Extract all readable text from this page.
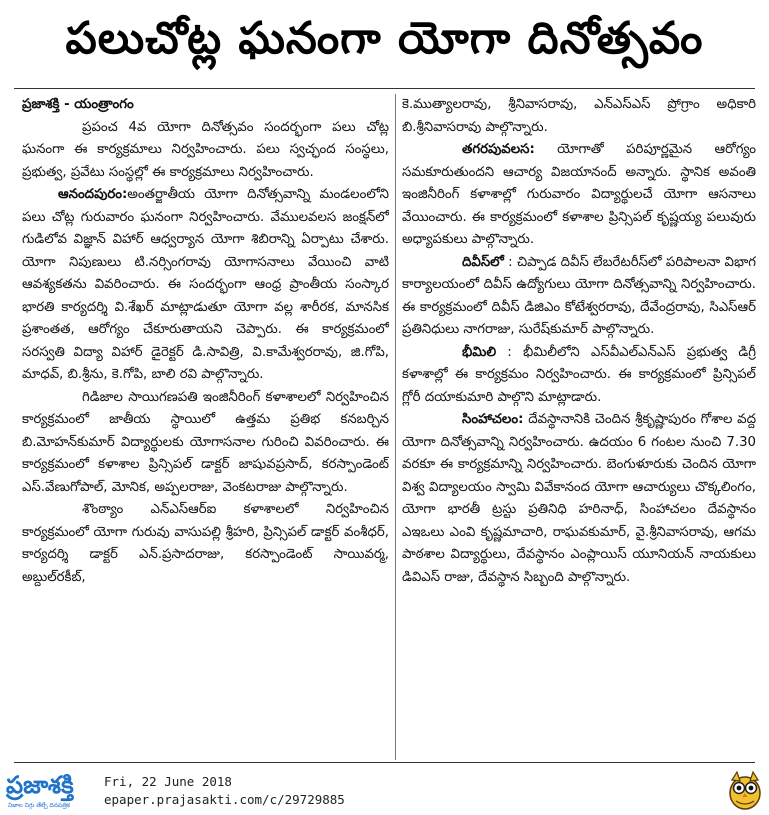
పలుచోట్ల ఘనంగా యోగా దినోత్సవం

ప్రజాశక్తి - యంత్రాంగం

ప్రపంచ 4వ యోగా దినోత్సవం సందర్భంగా పలు చోట్ల ఘనంగా ఈ కార్యక్రమాలు నిర్వహించారు. పలు స్వచ్ఛంద సంస్థలు, ప్రభుత్వ, ప్రవేటు సంస్థల్లో ఈ కార్యక్రమాలు నిర్వహించారు.

ఆనందపురం:అంతర్జాతీయ యోగా దినోత్సవాన్ని మండలంలోని పలు చోట్ల గురువారం ఘనంగా నిర్వహించారు. వేములవలస జంక్షన్‌లో గుడిలోవ విజ్ఞాన్ విహార్ ఆధ్వర్యాన యోగా శిబిరాన్ని ఏర్పాటు చేశారు. యోగా నిపుణులు టి.నర్సింగరావు యోగాసనాలు వేయించి వాటి ఆవశ్యకతను వివరించారు. ఈ సందర్భంగా ఆంధ్ర ప్రాంతీయ సంస్కార భారతి కార్యదర్శి వి.శేఖర్ మాట్లాడుతూ యోగా వల్ల శారీరక, మానసిక ప్రశాంతత, ఆరోగ్యం చేకూరుతాయని చెప్పారు. ఈ కార్యక్రమంలో సరస్వతి విద్యా విహార్ డైరెక్టర్ డి.సావిత్రి, వి.కామేశ్వరరావు, జి.గోపి, మాధవ్, బి.శ్రీను, కె.గోపి, బాలి రవి పాల్గొన్నారు.

గిడిజాల సాయిగణపతి ఇంజినీరింగ్ కళాశాలలో నిర్వహించిన కార్యక్రమంలో జాతీయ స్థాయిలో ఉత్తమ ప్రతిభ కనబర్చిన బి.మోహన్‌కుమార్ విద్యార్థులకు యోగాసనాల గురించి వివరించారు. ఈ కార్యక్రమంలో కళాశాల ప్రిన్సిపల్ డాక్టర్ జాషువప్రసాద్, కరస్పాండెంట్ ఎస్.వేణుగోపాల్, మోనిక, అప్పలరాజు, వెంకటరాజు పాల్గొన్నారు.

శొంఠ్యాం ఎన్‌ఎస్‌ఆర్ఐ కళాశాలలో నిర్వహించిన కార్యక్రమంలో యోగా గురువు వాసుపల్లి శ్రీహరి, ప్రిన్సిపల్ డాక్టర్ వంశీధర్, కార్యదర్శి డాక్టర్ ఎన్.ప్రసాదరాజు, కరస్పాండెంట్ సాయివర్మ, అబ్దుల్‌రకీబ్,

కె.ముత్యాలరావు, శ్రీనివాసరావు, ఎన్ఎస్ఎస్ ప్రోగ్రాం అధికారి బి.శ్రీనివాసరావు పాల్గొన్నారు.

తగరపువలస: యోగాతో పరిపూర్ణమైన ఆరోగ్యం సమకూరుతుందని ఆచార్య విజయానంద్ అన్నారు. స్థానిక అవంతి ఇంజినీరింగ్ కళాశాల్లో గురువారం విద్యార్థులచే యోగా ఆసనాలు వేయించారు. ఈ కార్యక్రమంలో కళాశాల ప్రిన్సిపల్ కృష్ణయ్య పలువురు అధ్యాపకులు పాల్గొన్నారు.

దివీస్‌లో : చిప్పాడ దివీస్ లేబరేటరీస్‌లో పరిపాలనా విభాగ కార్యాలయంలో దివీస్ ఉద్యోగులు యోగా దినోత్సవాన్ని నిర్వహించారు. ఈ కార్యక్రమంలో దివీస్ డిజిఎం కోటేశ్వరరావు, దేవేంద్రరావు, సిఎస్ఆర్ ప్రతినిధులు నాగరాజు, సురేష్‌కుమార్ పాల్గొన్నారు.

భీమిలి : భీమిలీలోని ఎస్‌వీఎల్ఎన్ఎస్ ప్రభుత్వ డిగ్రీ కళాశాల్లో ఈ కార్యక్రమం నిర్వహించారు. ఈ కార్యక్రమంలో ప్రిన్సిపల్ గ్లోరీ దయాకుమారి పాల్గొని మాట్లాడారు.

సింహాచలం: దేవస్థానానికి చెందిన శ్రీకృష్ణాపురం గోశాల వద్ద యోగా దినోత్సవాన్ని నిర్వహించారు. ఉదయం 6 గంటల నుంచి 7.30 వరకూ ఈ కార్యక్రమాన్ని నిర్వహించారు. బెంగుళూరుకు చెందిన యోగా విశ్వ విద్యాలయం స్వామి వివేకానంద యోగా ఆచార్యులు చొక్కలింగం, యోగా భారతీ ట్రస్టు ప్రతినిధి హరినాధ్, సింహాచలం దేవస్థానం ఎఇఒలు ఎంవి కృష్ణమాచారి, రాఘవకుమార్, వై.శ్రీనివాసరావు, ఆగమ పాఠశాల విద్యార్థులు, దేవస్థానం ఎంప్లాయిస్ యూనియన్ నాయకులు డివిఎస్ రాజు, దేవస్థాన సిబ్బంది పాల్గొన్నారు.

ప్రజాశక్తి
నిజాల నిగ్గు తేల్చే దినపత్రిక
Fri, 22 June 2018
epaper.prajasakti.com/c/29729885
